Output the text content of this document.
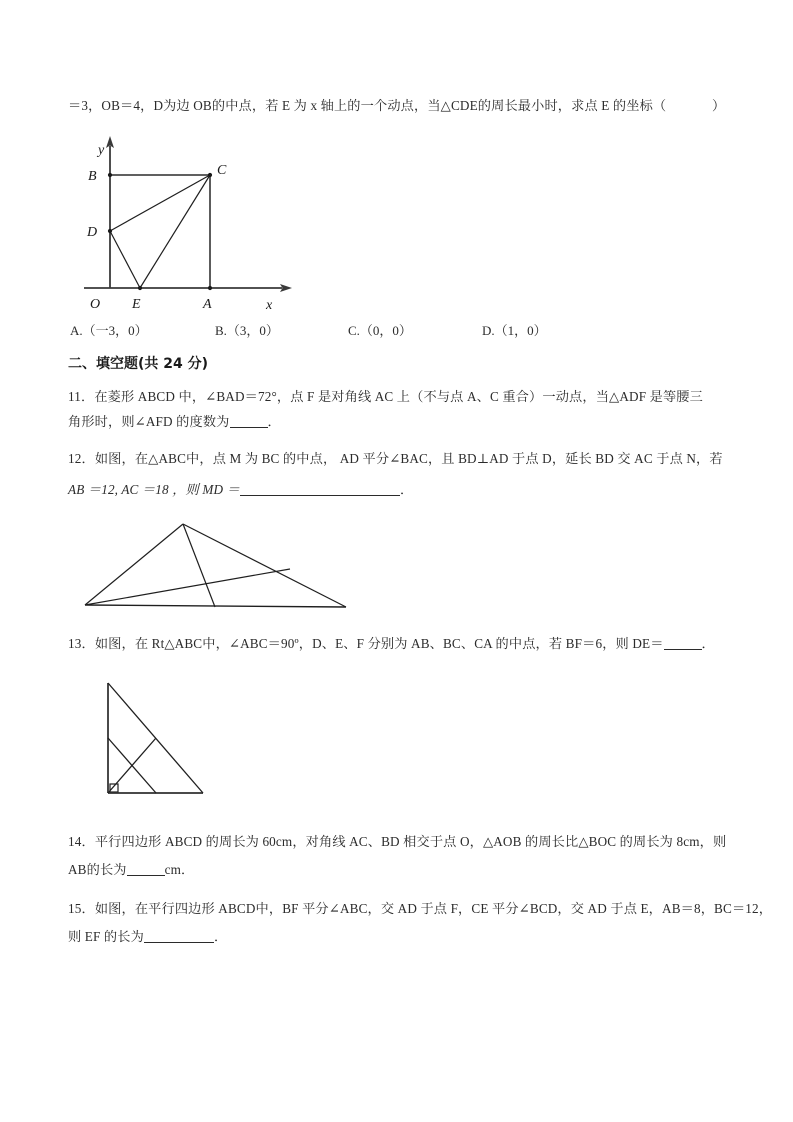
＝3，OB＝4，D为边 OB的中点，若 E 为 x 轴上的一个动点，当△CDE的周长最小时，求点 E 的坐标（	）
B	C
D
E	A
y
x
O
A.（一3，0）	B.（3，0）	C.（0，0）	D.（1，0）
二、填空题(共 24 分)
11．在菱形 ABCD 中，∠BAD＝72°，点 F 是对角线 AC 上（不与点 A、C 重合）一动点，当△ADF 是等腰三
角形时，则∠AFD 的度数为	．
12．如图，在△ABC中，点 M 为 BC 的中点， AD 平分∠BAC，且 BD⊥AD 于点 D，延长 BD 交 AC 于点 N，若
AB ＝12, AC ＝18 ，则 MD ＝	．
13．如图，在 Rt△ABC中，∠ABC＝90º，D、E、F 分别为 AB、BC、CA 的中点，若 BF＝6，则 DE＝	．
14．平行四边形 ABCD 的周长为 60cm，对角线 AC、BD 相交于点 O，△AOB 的周长比△BOC 的周长为 8cm，则
AB的长为	cm．
15．如图，在平行四边形 ABCD中，BF 平分∠ABC，交 AD 于点 F，CE 平分∠BCD，交 AD 于点 E，AB＝8，BC＝12，
则 EF 的长为	．
